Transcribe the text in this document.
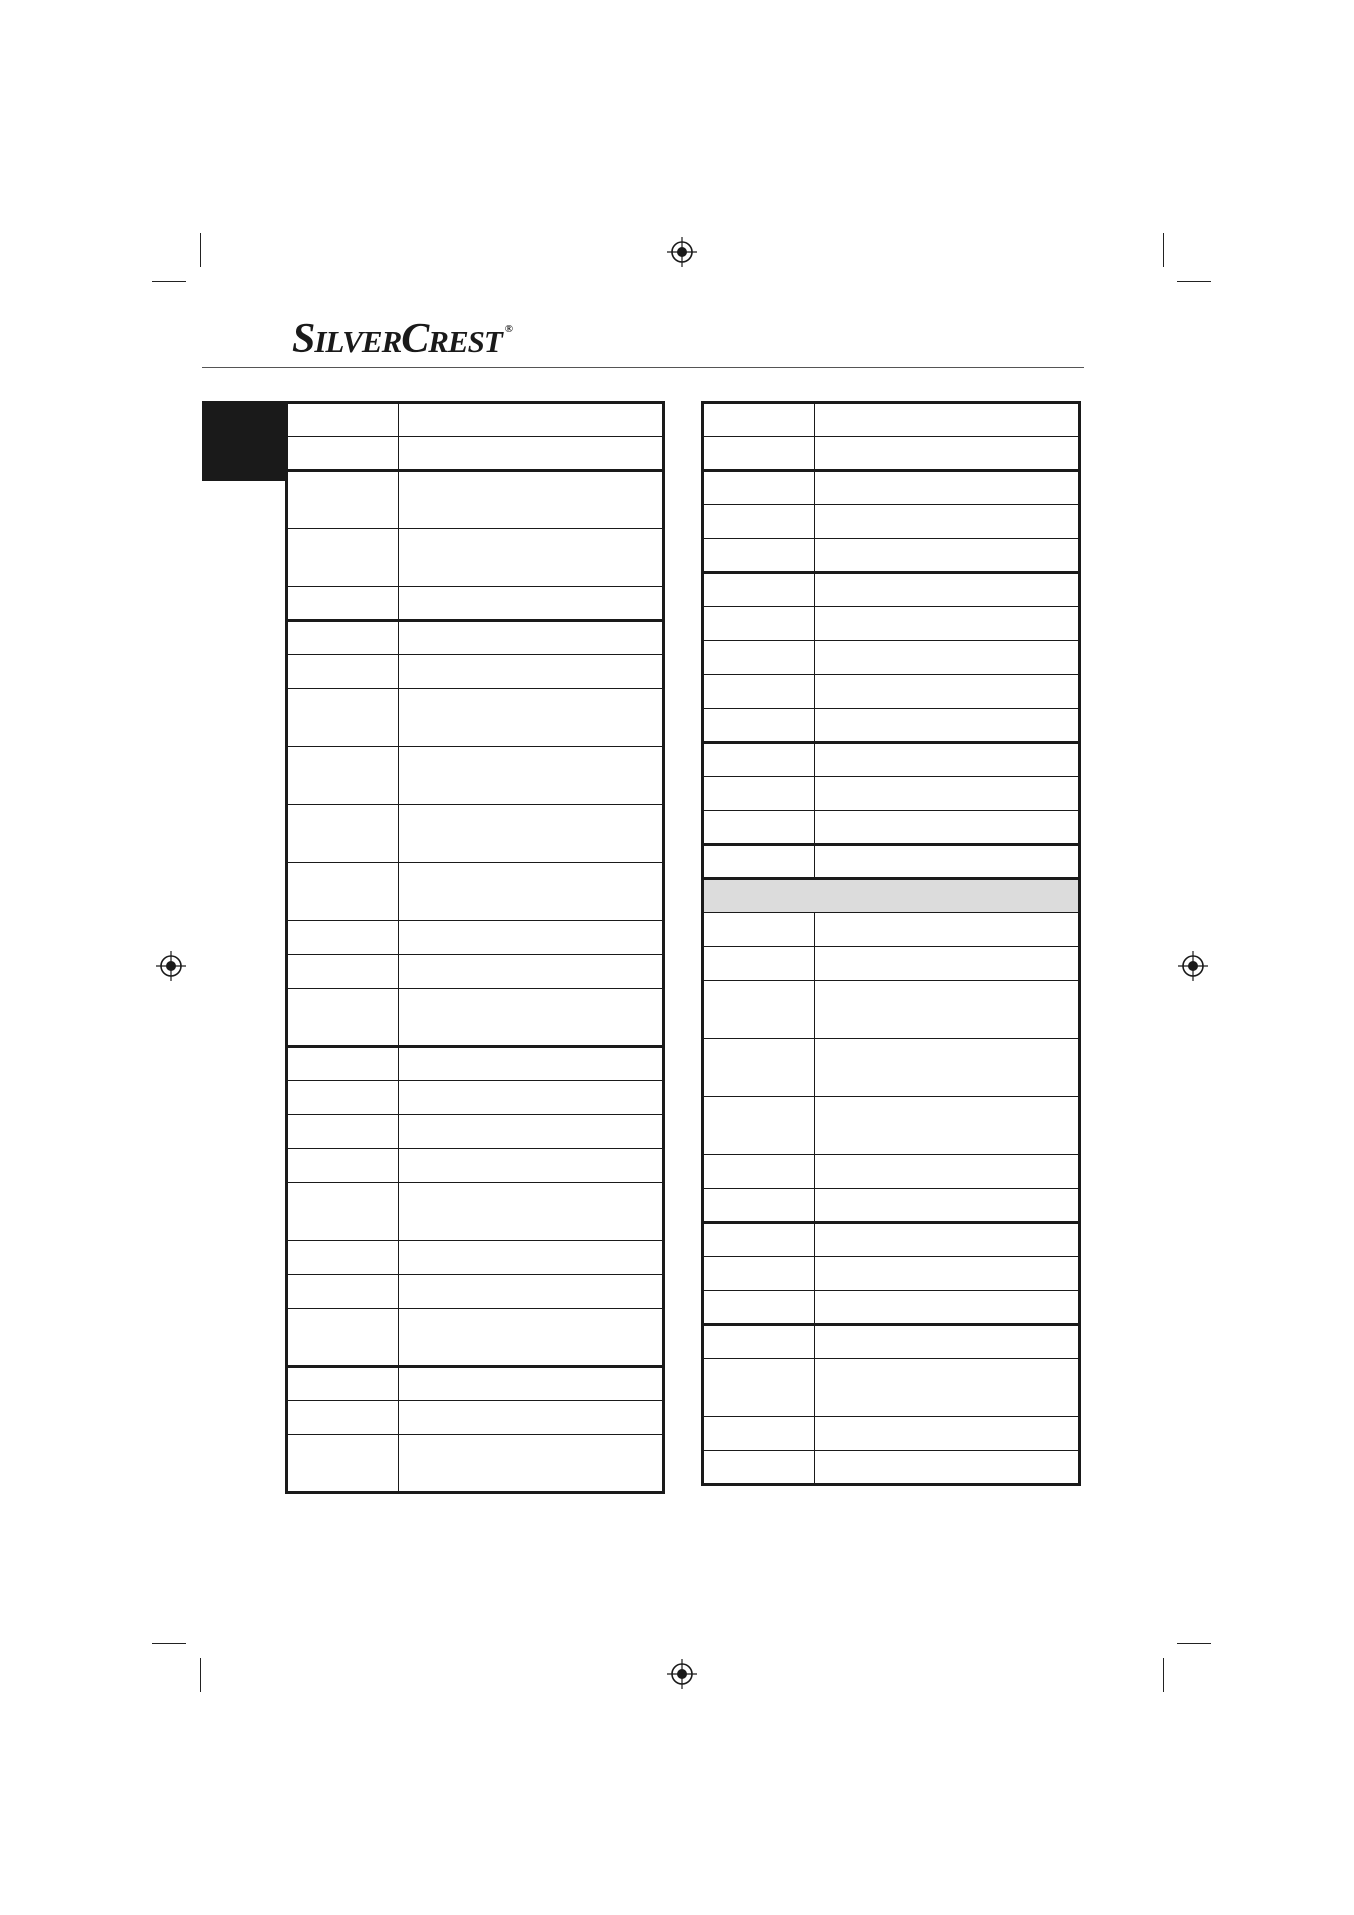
SILVERCREST ®
